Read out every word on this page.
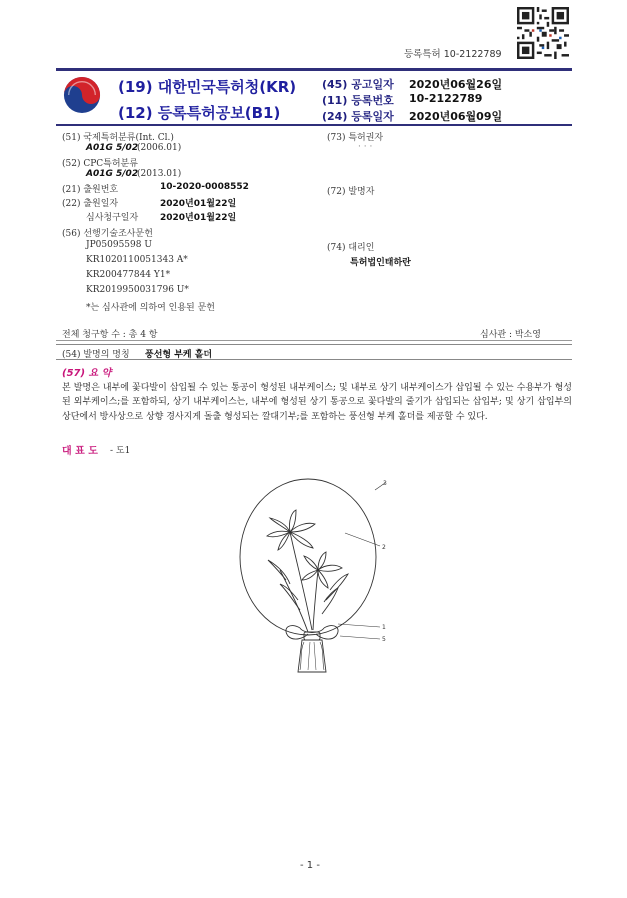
등록특허 10-2122789
(19) 대한민국특허청(KR)
(12) 등록특허공보(B1)
(45) 공고일자 2020년06월26일
(11) 등록번호 10-2122789
(24) 등록일자 2020년06월09일
(51) 국제특허분류(Int. Cl.)
A01G 5/02
(2006.01)
(52) CPC특허분류
A01G 5/02
(2013.01)
(21) 출원번호	10-2020-0008552
(22) 출원일자	2020년01월22일
심사청구일자 2020년01월22일
(56) 선행기술조사문헌
JP05095598 U
KR1020110051343 A*
KR200477844 Y1*
KR2019950031796 U*
*는 심사관에 의하여 인용된 문헌
(73) 특허권자
· · ·
(72) 발명자
(74) 대리인
특허법인태하란
전체 청구항 수 : 총 4 항	심사관 : 박소영
(54) 발명의 명칭 풍선형 부케 홀더
(57) 요 약
본 발명은 내부에 꽃다발이 삽입될 수 있는 통공이 형성된 내부케이스; 및 내부로 상기 내부케이스가 삽입될 수 있는 수용부가 형성된 외부케이스;를 포함하되, 상기 내부케이스는, 내부에 형성된 상기 통공으로 꽃다발의 줄기가 삽입되는 삽입부; 및 상기 삽입부의 상단에서 방사상으로 상향 경사지게 돌출 형성되는 깔대기부;를 포함하는 풍선형 부케 홀더를 제공할 수 있다.
대 표 도 - 도1
3
2
1
5
- 1 -
